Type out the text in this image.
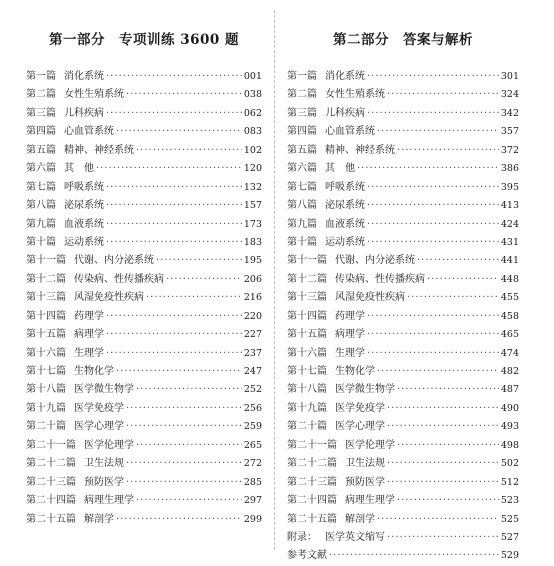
第一部分　专项训练 3600 题
第一篇 消化系统 ·····	001
第二篇 女性生殖系统 ·····	038
第三篇 儿科疾病 ·····	062
第四篇 心血管系统 ·····	083
第五篇 精神、神经系统 ·····	102
第六篇 其　他 ·····	120
第七篇 呼吸系统 ·····	132
第八篇 泌尿系统 ·····	157
第九篇 血液系统 ·····	173
第十篇 运动系统 ·····	183
第十一篇 代谢、内分泌系统 ·····	195
第十二篇 传染病、性传播疾病 ·····	206
第十三篇 风湿免疫性疾病 ·····	216
第十四篇 药理学 ·····	220
第十五篇 病理学 ·····	227
第十六篇 生理学 ·····	237
第十七篇 生物化学 ·····	247
第十八篇 医学微生物学 ·····	252
第十九篇 医学免疫学 ·····	256
第二十篇 医学心理学 ·····	259
第二十一篇 医学伦理学 ·····	265
第二十二篇 卫生法规 ·····	272
第二十三篇 预防医学 ·····	285
第二十四篇 病理生理学 ·····	297
第二十五篇 解剖学 ·····	299
第二部分　答案与解析
第一篇 消化系统 ·····	301
第二篇 女性生殖系统 ·····	324
第三篇 儿科疾病 ·····	342
第四篇 心血管系统 ·····	357
第五篇 精神、神经系统 ·····	372
第六篇 其　他 ·····	386
第七篇 呼吸系统 ·····	395
第八篇 泌尿系统 ·····	413
第九篇 血液系统 ·····	424
第十篇 运动系统 ·····	431
第十一篇 代谢、内分泌系统 ·····	441
第十二篇 传染病、性传播疾病 ·····	448
第十三篇 风湿免疫性疾病 ·····	455
第十四篇 药理学 ·····	458
第十五篇 病理学 ·····	465
第十六篇 生理学 ·····	474
第十七篇 生物化学 ·····	482
第十八篇 医学微生物学 ·····	487
第十九篇 医学免疫学 ·····	490
第二十篇 医学心理学 ·····	493
第二十一篇 医学伦理学 ·····	498
第二十二篇 卫生法规 ·····	502
第二十三篇 预防医学 ·····	512
第二十四篇 病理生理学 ·····	523
第二十五篇 解剖学 ·····	525
附录： 医学英文缩写 ·····	527
参考文献 ·····	529
